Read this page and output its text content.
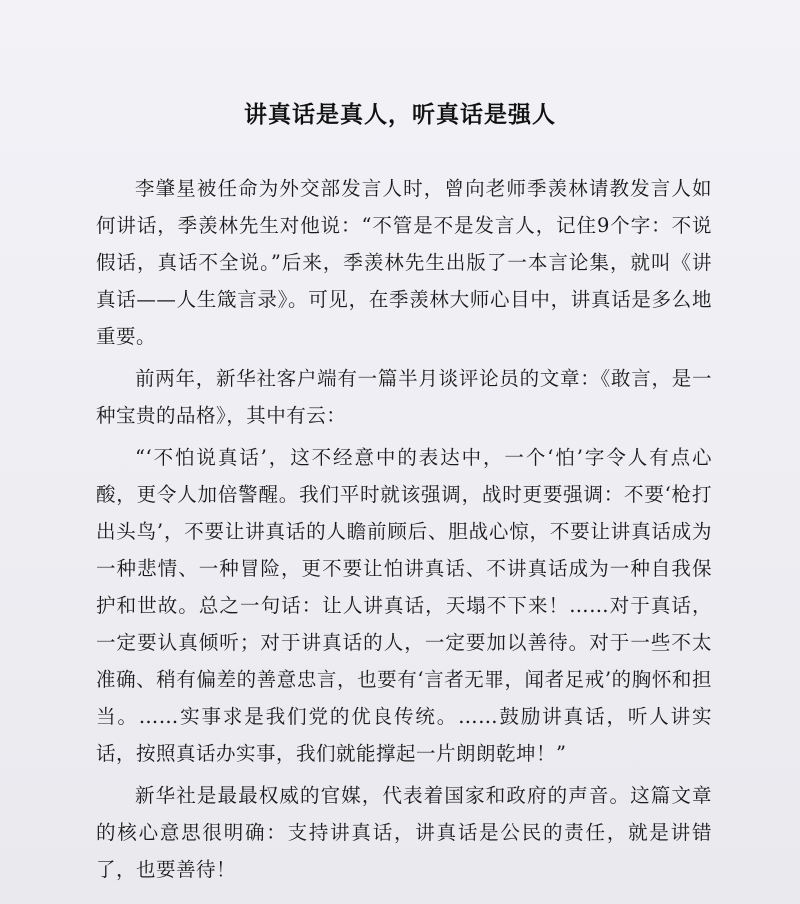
讲真话是真人，听真话是强人

李肇星被任命为外交部发言人时，曾向老师季羡林请教发言人如何讲话，季羡林先生对他说：“不管是不是发言人，记住9个字：不说假话，真话不全说。”后来，季羡林先生出版了一本言论集，就叫《讲真话——人生箴言录》。可见，在季羡林大师心目中，讲真话是多么地重要。

前两年，新华社客户端有一篇半月谈评论员的文章：《敢言，是一种宝贵的品格》，其中有云：

“‘不怕说真话’，这不经意中的表达中，一个‘怕’字令人有点心酸，更令人加倍警醒。我们平时就该强调，战时更要强调：不要‘枪打出头鸟’，不要让讲真话的人瞻前顾后、胆战心惊，不要让讲真话成为一种悲情、一种冒险，更不要让怕讲真话、不讲真话成为一种自我保护和世故。总之一句话：让人讲真话，天塌不下来！……对于真话，一定要认真倾听；对于讲真话的人，一定要加以善待。对于一些不太准确、稍有偏差的善意忠言，也要有‘言者无罪，闻者足戒’的胸怀和担当。……实事求是我们党的优良传统。……鼓励讲真话，听人讲实话，按照真话办实事，我们就能撑起一片朗朗乾坤！”

新华社是最最权威的官媒，代表着国家和政府的声音。这篇文章的核心意思很明确：支持讲真话，讲真话是公民的责任，就是讲错了，也要善待！
